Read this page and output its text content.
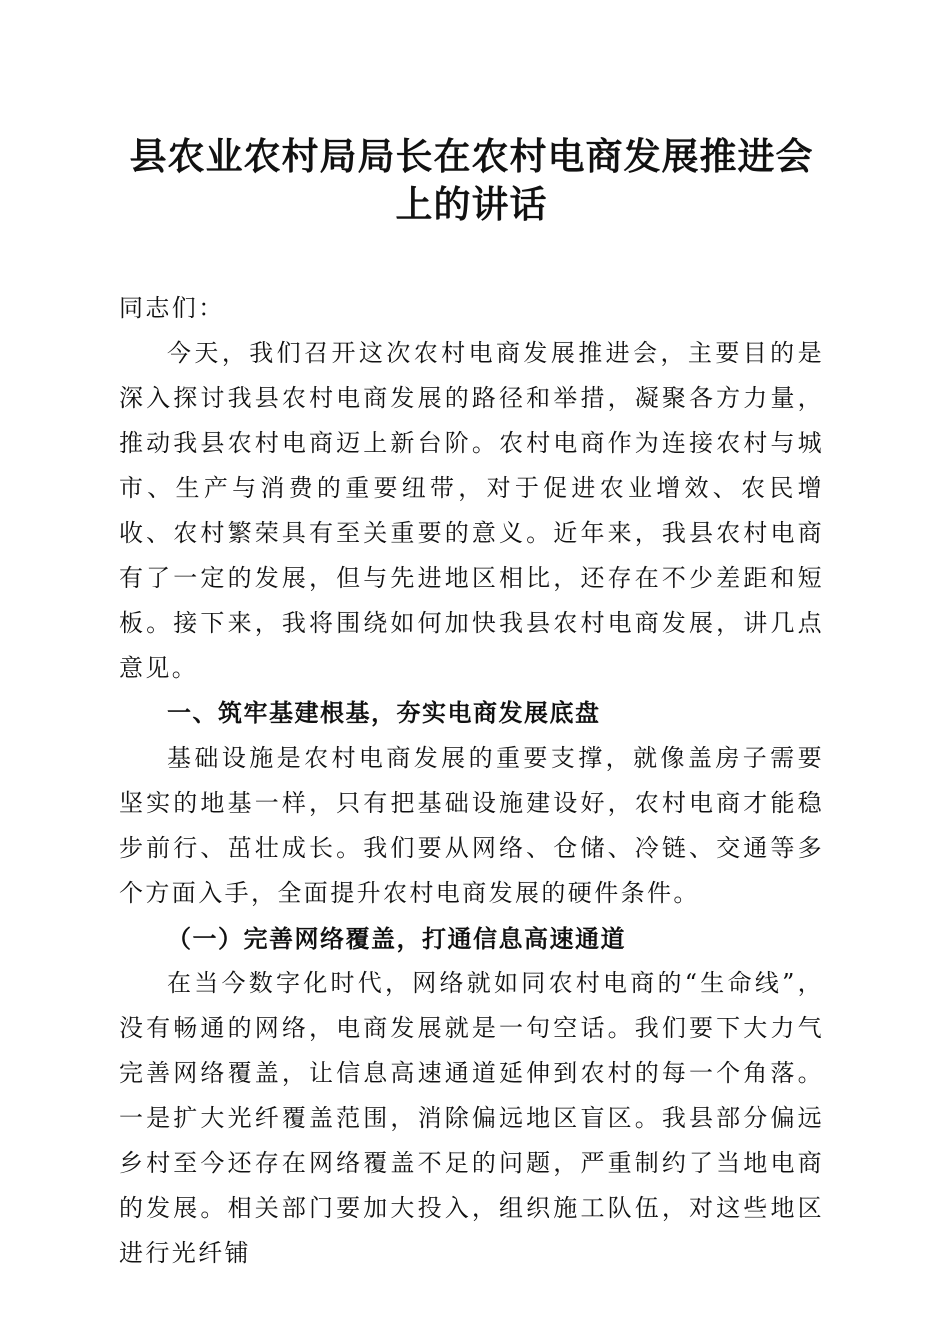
县农业农村局局长在农村电商发展推进会上的讲话

同志们：

今天，我们召开这次农村电商发展推进会，主要目的是深入探讨我县农村电商发展的路径和举措，凝聚各方力量，推动我县农村电商迈上新台阶。农村电商作为连接农村与城市、生产与消费的重要纽带，对于促进农业增效、农民增收、农村繁荣具有至关重要的意义。近年来，我县农村电商有了一定的发展，但与先进地区相比，还存在不少差距和短板。接下来，我将围绕如何加快我县农村电商发展，讲几点意见。

一、筑牢基建根基，夯实电商发展底盘

基础设施是农村电商发展的重要支撑，就像盖房子需要坚实的地基一样，只有把基础设施建设好，农村电商才能稳步前行、茁壮成长。我们要从网络、仓储、冷链、交通等多个方面入手，全面提升农村电商发展的硬件条件。

（一）完善网络覆盖，打通信息高速通道

在当今数字化时代，网络就如同农村电商的“生命线”，没有畅通的网络，电商发展就是一句空话。我们要下大力气完善网络覆盖，让信息高速通道延伸到农村的每一个角落。一是扩大光纤覆盖范围，消除偏远地区盲区。我县部分偏远乡村至今还存在网络覆盖不足的问题，严重制约了当地电商的发展。相关部门要加大投入，组织施工队伍，对这些地区进行光纤铺
